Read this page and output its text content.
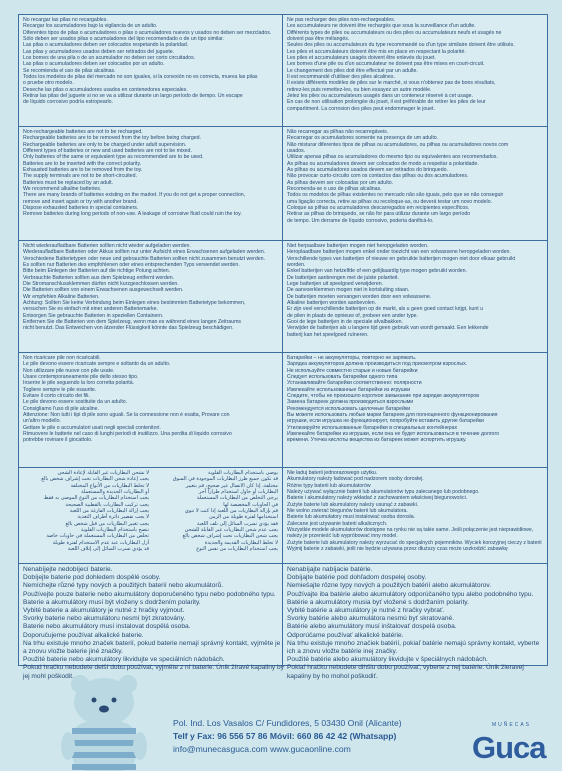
No recargar las pilas no recargables.
Recargar los acumuladores bajo la vigilancia de un adulto.
Diferentes tipos de pilas o acumuladores o pilas o acumuladores nuevos y usados no deben ser mezclados.
Sólo deben ser usados pilas o acumuladores del tipo recomendado o de un tipo similar.
Las pilas o acumuladores deben ser colocados respetando la polaridad.
Las pilas y acumuladores usados deben ser retirados del juguete.
Los bornes de una pila o de un acumulador no deben ser corto circuitados.
Las pilas o acumuladores deben ser colocados por un adulto.
Se recomienda el uso de pilas alcalinas.
Todos los modelos de pilas del mercado no son iguales, si la conexión no es correcta, mueva las pilas
o pruebe otro modelo.
Deseche las pilas o acumuladores usados en contenedores especiales.
Retirar las pilas del juguete si no se va a utilizar durante un largo período de tiempo. Un escape
de líquido corrosivo podría estropearlo.
Ne pas recharger des piles non-rechargeables.
Les accumulateurs ne doivent être rechargés que sous la surveillance d'un adulte.
Différents types de piles ou accumulateurs ou des piles ou accumulateurs neufs et usagés ne
doivent pas être mélangés.
Seules des piles ou accumulateurs du type recommandé ou d'un type similaire doivent être utilisés.
Les piles et accumulateurs doivent être mis en place en respectant la polarité.
Les piles et accumulateurs usagés doivent être enlevés du jouet.
Les bornes d'une pile ou d'un accumulateur ne doivent pas être mises en court-circuit.
Le changement des piles doit être effectué par un adulte.
Il est recommandé d'utiliser des piles alcalines.
Il existe différents modèles de piles sur le marché, si vous n'obtenez pas de bons résultats,
retirez-les puis remettez-les, ou bien essayez un autre modèle.
Jetez les piles ou accumulateurs usagés dans un conteneur réservé à cet usage.
En cas de non utilisation prolongée du jouet, il est préférable de retirer les piles de leur
compartiment. La corrosion des piles peut endommager le jouet.
Non-rechargeable batteries are not to be recharged.
Rechargeable batteries are to be removed from the toy before being charged.
Rechargeable batteries are only to be charged under adult supervision.
Different types of batteries or new and used batteries are not to be mixed.
Only batteries of the same or equivalent type as recommended are to be used.
Batteries are to be inserted with the correct polarity.
Exhausted batteries are to be removed from the toy.
The supply terminals are not to be short-circuited.
Batteries must be replaced by an adult.
We recommend alkaline batteries.
There are many brands of batteries existing on the market. If you do not get a proper connection,
remove and insert again or try with another brand.
Dispose exhausted batteries in special containers.
Remove batteries during long periods of non-use. A leakage of corrosive fluid could ruin the toy.
Não recarregar as pilhas não recarregáveis.
Recarregar os acumuladores somente na presença de um adulto.
Não misturar diferentes tipos de pilhas ou acumuladores, ou pilhas ou acumuladores novos com
usados.
Utilizar apenas pilhas ou acumuladores do mesmo tipo ou equivalentes aos recomendados.
As pilhas ou acumuladores devem ser colocados de modo a respeitar a polaridade.
As pilhas ou acumuladores usados devem ser retirados do brinquedo.
Não provocar curto-circuito com os contactos das pilhas ou dos acumuladores.
As pilhas devem ser colocadas por um adulto.
Recomenda-se o uso de pilhas alcalinas.
Todos os modelos de pilhas existentes no mercado não são iguais, pelo que se não conseguir
uma ligação correcta, retire as pilhas ou recoloque-as, ou deverá testar um novo modelo.
Coloque as pilhas ou acumuladores descarregados em recipientes específicos.
Retirar as pilhas do brinquedo, se não for para utilizar durante um largo período
de tempo. Um derrame de líquido corrosivo, poderia danificá-lo.
Nicht wiederaufladbare Batterien sollten nicht wieder aufgeladen werden.
Wiederaufladbare Batterien oder Akkus sollten nur unter Aufsicht eines Erwachsenen aufgeladen werden.
Verschiedene Batterietypen oder neue und gebrauchte Batterien sollten nicht zusammen benutzt werden.
Es sollten nur Batterien des empfohlenen oder eines entsprechenden Typs verwendet werden.
Bitte beim Einlegen der Batterien auf die richtige Polung achten.
Verbrauchte Batterien sollten aus dem Spielzeug entfernt werden.
Die Stromanschlussklemmen dürfen nicht kurzgeschlossen werden.
Die Batterien sollten von einem Erwachsenen ausgewechselt werden.
Wir empfehlen Alkaline Batterien.
Achtung: Sollten Sie keine Verbindung beim Einlegen eines bestimmten Batterietype bekommen,
versuchen Sie es einfach mit einer anderen Batteriemarke.
Entsorgen Sie gebrauchte Batterien in speziellen Containern.
Entfernen Sie die Batterien von dem Spielzeug, wenn man es während eines langen Zeitraums
nicht benutzt. Das Entweichen von ätzender Flüssigkeit könnte das Spielzeug beschädigen.
Niet herpaalbare batterijen mogen niet heropgeladen worden.
Heroplaadbare batterijen mogen enkel onder toezicht van een volwassene heropgeladen worden.
Verschillende types van batterijen of nieuwe en gebruikte batterijen mogen niet door elkaar gebruikt
worden.
Enkel batterijen van hetzelfde of een gelijkaardig type mogen gebruikt worden.
De batterijen aanbrengen met de juiste polariteit.
Lege batterijen uit speelgoed verwijderen.
De aanvoerklemmen mogen niet in kortsluiting staan.
De batterijen moeten vervangen worden door een volwassene.
Alkaline batterijen worden aanbevolen.
Er zijn veel verschillende batterijen op de markt, als u geen goed contact krijgt, kunt u
de pilen in plaats de opnieuw of, probeer een ander type.
Gooi de lege batterijen in de speciale afvalbakken.
Verwijder de batterijen als u langere tijd geen gebruik van wordt gemaakt. Een lekkende
batterij kan het speelgoed ruïneren.
Non ricaricare pile non ricaricabili.
Le pile devono essere ricaricate sempre e soltanto da un adulto.
Non utilizzare pile nuove con pile usate.
Usare contemporaneamente pile dello stesso tipo.
Inserire le pile seguendo la loro corretta polarità.
Togliere sempre le pile esaurite.
Evitare il corto circuito dei fili.
Le pile devono essere sostituite da un adulto.
Consigliamo l'uso di pile alcaline.
Attenzione: Non tutti i tipi di pile sono uguali. Se la connessione non è esatta, Provare con
un'altro modello.
Gettare le pile o accumulatori usati negli speciali contenitori.
Rimuovere le batterie nel caso di lunghi periodi di inutilizzo. Una perdita di liquido corrosivo
potrebbe rovinare il giocattolo.
Батарейки – не аккумуляторы, повторно не заряжать.
Зарядка аккумуляторов должна производиться под присмотром взрослых.
Не используйте совместно старые и новые батарейки
Следует использовать батарейки одного типа
Устанавливайте батарейки соответственно: полярности
Извлекайте использованные батарейки из игрушки
Следите, чтобы не произошло короткое замыкание при зарядке аккумуляторов
Замена батареек должна производиться взрослыми
Рекомендуется использовать щелочные батарейки
Вы можете использовать любые марки батареек для полноценного функционирования
игрушки, если игрушка не функционирует, попробуйте вставить другие батарейки
Утилизируйте использованные батарейки в специальных контейнерах
Извлекайте батарейки из игрушки, если она не будет использоваться в течение долгого
времени. Утечка кислоты вещества из батареек может испортить игрушку.
لا تشحن البطاريات غير القابلة لإعادة الشحن
يجب إعادة شحن البطاريات تحت إشراف شخص بالغ
لا تخلط البطاريات من الأنواع المختلفة
أو البطاريات الجديدة والمستعملة
يجب استخدام البطاريات من النوع الموصى به فقط
يجب تركيب البطاريات بالقطبية الصحيحة
يجب إزالة البطاريات الفارغة من اللعبة
لا يجب تقصير دائرة أطراف التغذية
يجب تغيير البطاريات من قبل شخص بالغ
ننصح باستخدام البطاريات القلوية
تخلص من البطاريات المستعملة في حاويات خاصة
أزل البطاريات عند عدم الاستخدام لفترة طويلة
قد يؤدي تسرب السائل إلى إتلاف اللعبة
يوصى باستخدام البطاريات القلوية
قد تكون جميع طرز البطاريات الموجودة في السوق
مختلفة، إذا كان الاتصال غير صحيح، قم بتغيير
البطاريات أو حاول استخدام طرازاً آخر
يرجى التخلص من البطاريات المستعملة
في الحاويات المخصصة لها
قم بإزالة البطاريات من اللعبة إذا كنت لا تنوي
استخدامها لفترة طويلة من الزمن
فقد يؤدي تسرب السائل إلى تلف اللعبة
يجب عدم شحن البطاريات غير القابلة للشحن
يجب شحن البطاريات تحت إشراف شخص بالغ
لا تخلط البطاريات القديمة والجديدة
يجب استخدام البطاريات من نفس النوع
Nie ładuj baterii jednorazowego użytku.
Akumulatory należy ładować pod nadzorem osoby dorosłej.
Różne typy baterii lub akumulatorów
Należy używać wyłącznie baterii lub akumulatorów typu zalecanego lub podobnego.
Baterie i akumulatory należy wkładać z zachowaniem właściwej biegunowości.
Zużyte baterie lub akumulatory należy usunąć z zabawki.
Nie wolno zwierać biegunów baterii lub akumulatora.
Baterie lub akumulatory musi instalować osoba dorosła.
Zalecane jest używanie baterii alkalicznych.
Wszystkie modele akumulatorów dostępne na rynku nie są takie same. Jeśli połączenie jest nieprawidłowe,
należy je przenieść lub wypróbować inny model.
Zużyte baterie lub akumulatory należy wyrzucać do specjalnych pojemników. Wyciek korozyjnej cieczy z baterii
Wyjmij baterie z zabawki, jeśli nie będzie używana przez dłuższy czas może uszkodzić zabawkę
Nenabíjejte nedobíjecí baterie.
Dobíjejte baterie pod dohledem dospělé osoby.
Nemíchejte různé typy nových a použitých baterií nebo akumulátorů.
Používejte pouze baterie nebo akumulátory doporučeného typu nebo podobného typu.
Baterie a akumulátory musí být vloženy s dodržením polarity.
Vybité baterie a akumulátory je nutné z hračky vyjmout.
Svorky baterie nebo akumulátoru nesmí být zkratovány.
Baterie nebo akumulátory musí instalovat dospělá osoba.
Doporučujeme používat alkalické baterie.
Na trhu existuje mnoho značek baterií, pokud baterie nemají správný kontakt, vyjměte je
a znovu vložte baterie jiné značky.
Použité baterie nebo akumulátory likvidujte ve speciálních nádobách.
Pokud hračku nebudete delší dobu používat, vyjměte z ní baterie. Únik žíravé kapaliny by
jej mohl poškodit.
Nenabíjajte nabíjacie batérie.
Dobíjajte batérie pod dohľadom dospelej osoby.
Nemiešajte rôzne typy nových a použitých batérií alebo akumulátorov.
Používajte iba batérie alebo akumulátory odporúčaného typu alebo podobného typu.
Batérie a akumulátory musia byť vložené s dodržaním polarity.
Vybité batérie a akumulátory je nutné z hračky vybrať.
Svorky batérie alebo akumulátora nesmú byť skratované.
Batérie alebo akumulátory musí inštalovať dospelá osoba.
Odporúčame používať alkalické batérie.
Na trhu existuje mnoho značiek batérií, pokiaľ batérie nemajú správny kontakt, vyberte
ich a znovu vložte batérie inej značky.
Použité batérie alebo akumulátory likvidujte v špeciálnych nádobách.
Pokiaľ hračku nebudete dlhšiu dobu používať, vyberte z nej batérie. Únik žieravej
kapaliny by ho mohol poškodiť.
Pol. Ind. Los Vasalos C/ Fundidores, 5 03430 Onil (Alicante)
Telf y Fax: 96 556 57 86 Móvil: 660 86 42 42 (Whatsapp)
info@munecasguca.com www.gucaonline.com
MUÑECAS
Guca
